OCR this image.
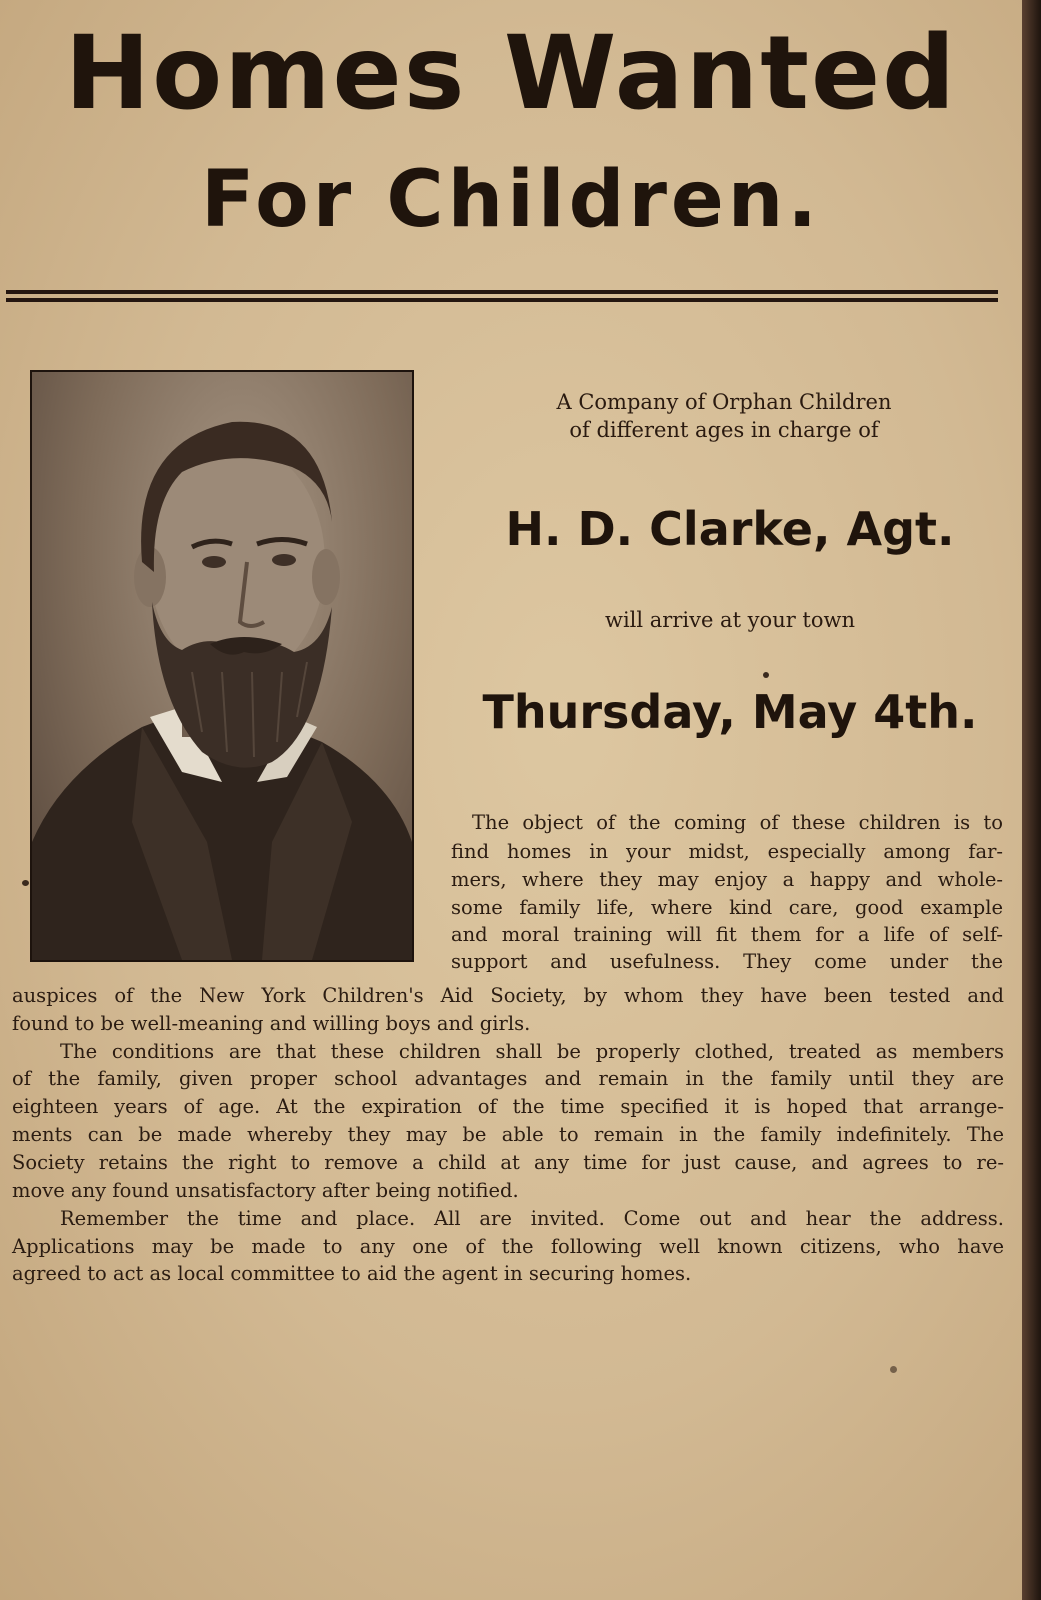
Homes Wanted
For Children.
A Company of Orphan Children
of different ages in charge of
H. D. Clarke, Agt.
will arrive at your town
Thursday, May 4th.
The object of the coming of these children is to
find homes in your midst, especially among far-
mers, where they may enjoy a happy and whole-
some family life, where kind care, good example
and moral training will fit them for a life of self-
support and usefulness. They come under the
auspices of the New York Children's Aid Society, by whom they have been tested and
found to be well-meaning and willing boys and girls.
The conditions are that these children shall be properly clothed, treated as members
of the family, given proper school advantages and remain in the family until they are
eighteen years of age. At the expiration of the time specified it is hoped that arrange-
ments can be made whereby they may be able to remain in the family indefinitely. The
Society retains the right to remove a child at any time for just cause, and agrees to re-
move any found unsatisfactory after being notified.
Remember the time and place. All are invited. Come out and hear the address.
Applications may be made to any one of the following well known citizens, who have
agreed to act as local committee to aid the agent in securing homes.
